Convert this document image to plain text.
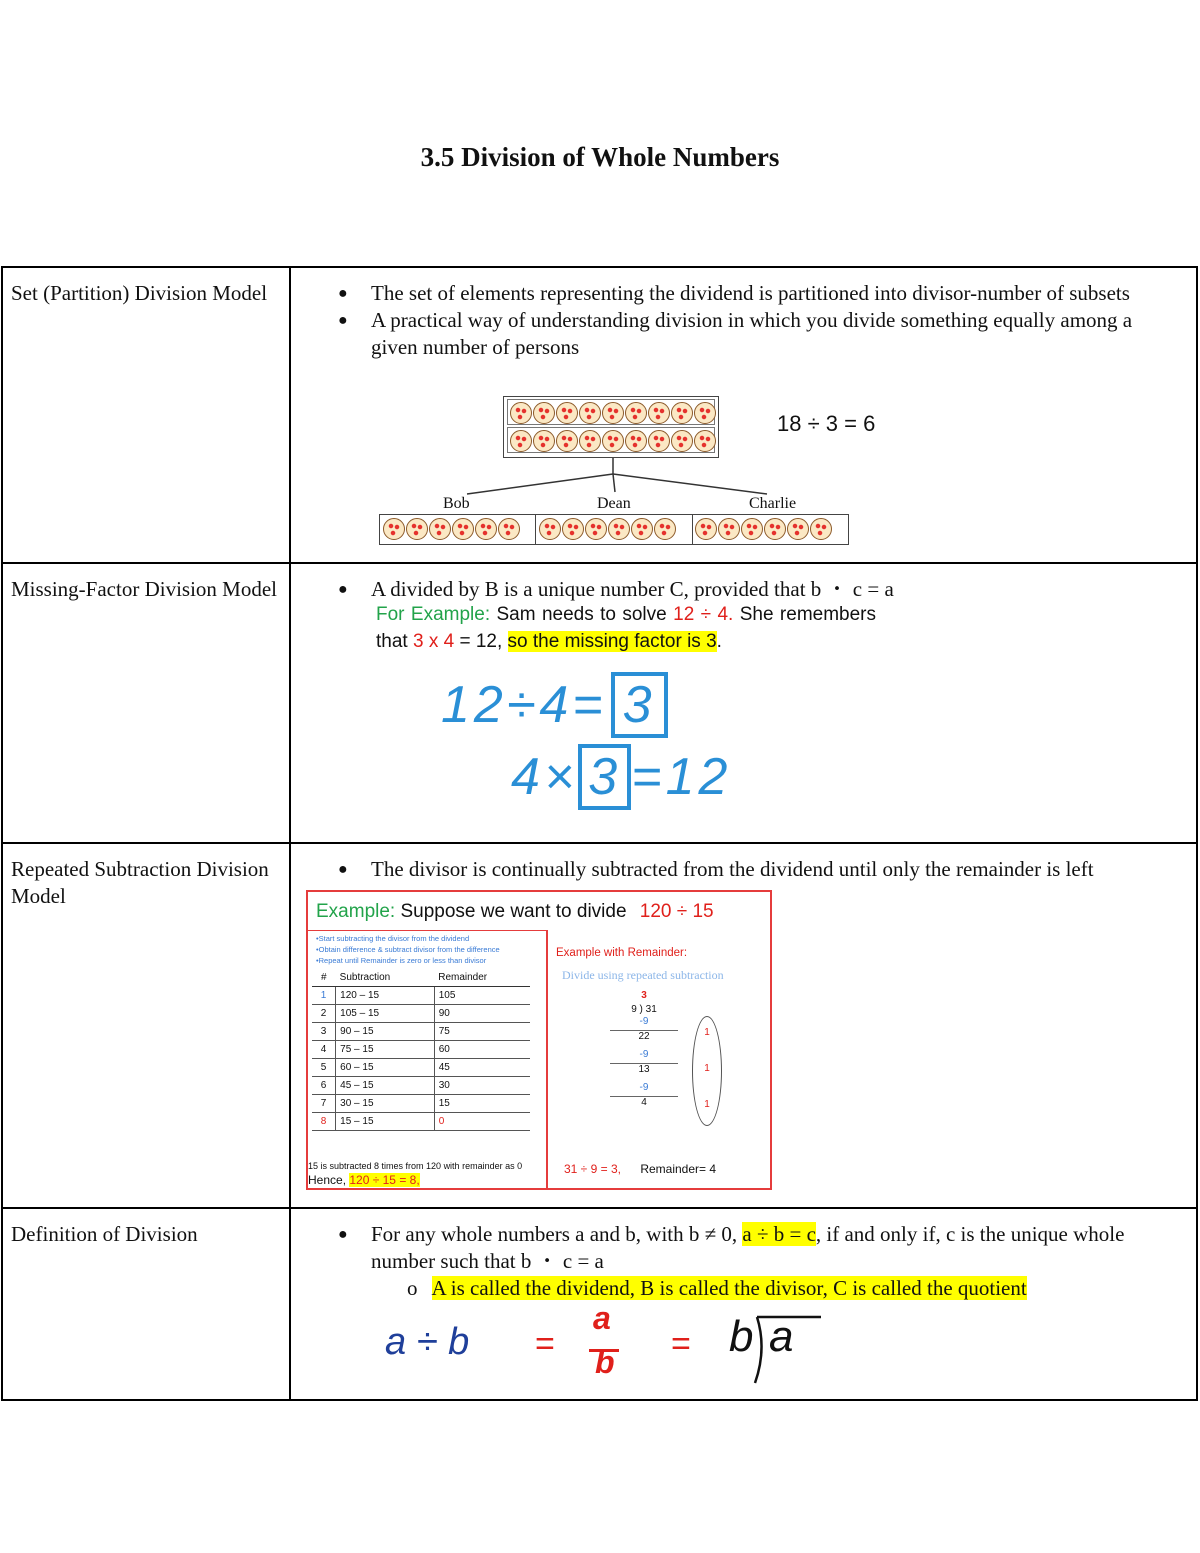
3.5 Division of Whole Numbers
Set (Partition) Division Model	● The set of elements representing the dividend is partitioned into divisor-number of subsets
● A practical way of understanding division in which you divide something equally among a given number of persons
18 ÷ 3 = 6
Bob	Dean	Charlie

Missing-Factor Division Model	● A divided by B is a unique number C, provided that b ・ c = a
For Example: Sam needs to solve 12 ÷ 4. She remembers that 3 x 4 = 12, so the missing factor is 3.
12÷4= 3
4× 3 =12

Repeated Subtraction Division Model	
● The divisor is continually subtracted from the dividend until only the remainder is left
Example: Suppose we want to divide 120 ÷ 15
•Start subtracting the divisor from the dividend
•Obtain difference & subtract divisor from the difference
•Repeat until Remainder is zero or less than divisor
#	Subtraction	Remainder
1	120 – 15	105
2	105 – 15	90
3	90 – 15	75
4	75 – 15	60
5	60 – 15	45
6	45 – 15	30
7	30 – 15	15
8	15 – 15	0
15 is subtracted 8 times from 120 with remainder as 0
Hence, 120 ÷ 15 = 8,
Example with Remainder:
Divide using repeated subtraction
3
9 ) 31
-9
22
-9
13
-9
4
1
1
1
31 ÷ 9 = 3, Remainder= 4

Definition of Division	● For any whole numbers a and b, with b ≠ 0, a ÷ b = c, if and only if, c is the unique whole number such that b ・ c = a
o A is called the dividend, B is called the divisor, C is called the quotient
a ÷ b =
a
b = b a
